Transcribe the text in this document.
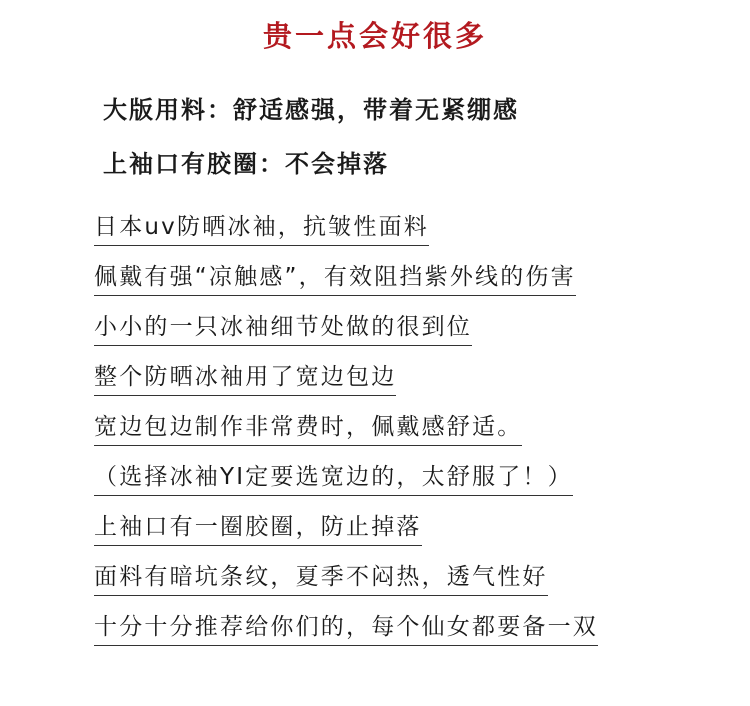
贵一点会好很多
大版用料：舒适感强，带着无紧绷感
上袖口有胶圈：不会掉落
日本uv防晒冰袖，抗皱性面料
佩戴有强“凉触感”，有效阻挡紫外线的伤害
小小的一只冰袖细节处做的很到位
整个防晒冰袖用了宽边包边
宽边包边制作非常费时，佩戴感舒适。
（选择冰袖YI定要选宽边的，太舒服了！）
上袖口有一圈胶圈，防止掉落
面料有暗坑条纹，夏季不闷热，透气性好
十分十分推荐给你们的，每个仙女都要备一双
